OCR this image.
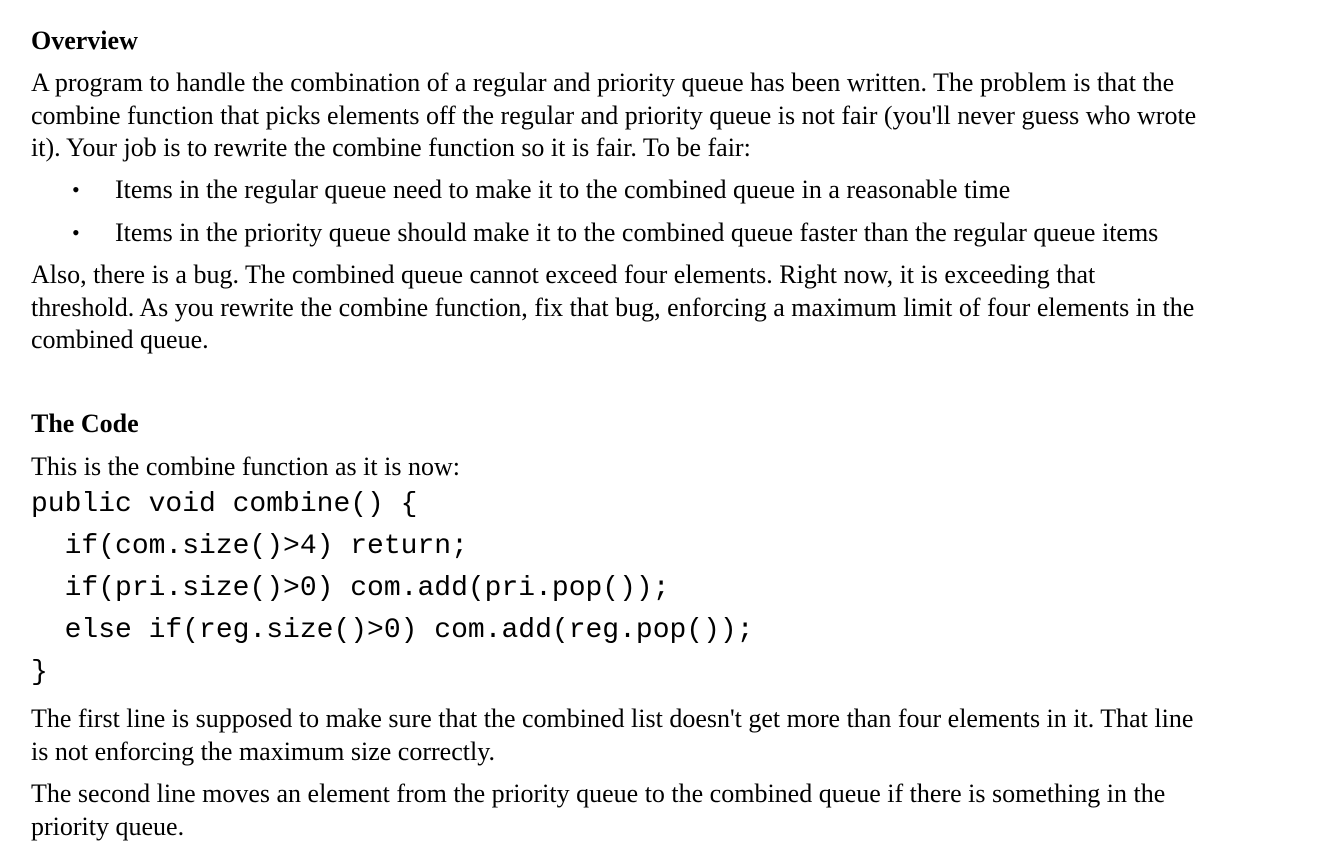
Overview
A program to handle the combination of a regular and priority queue has been written. The problem is that the
combine function that picks elements off the regular and priority queue is not fair (you'll never guess who wrote
it). Your job is to rewrite the combine function so it is fair. To be fair:
• Items in the regular queue need to make it to the combined queue in a reasonable time
• Items in the priority queue should make it to the combined queue faster than the regular queue items
Also, there is a bug. The combined queue cannot exceed four elements. Right now, it is exceeding that
threshold. As you rewrite the combine function, fix that bug, enforcing a maximum limit of four elements in the
combined queue.
The Code
This is the combine function as it is now:
public void combine() {
if(com.size()>4) return;
if(pri.size()>0) com.add(pri.pop());
else if(reg.size()>0) com.add(reg.pop());
}
The first line is supposed to make sure that the combined list doesn't get more than four elements in it. That line
is not enforcing the maximum size correctly.
The second line moves an element from the priority queue to the combined queue if there is something in the
priority queue.
